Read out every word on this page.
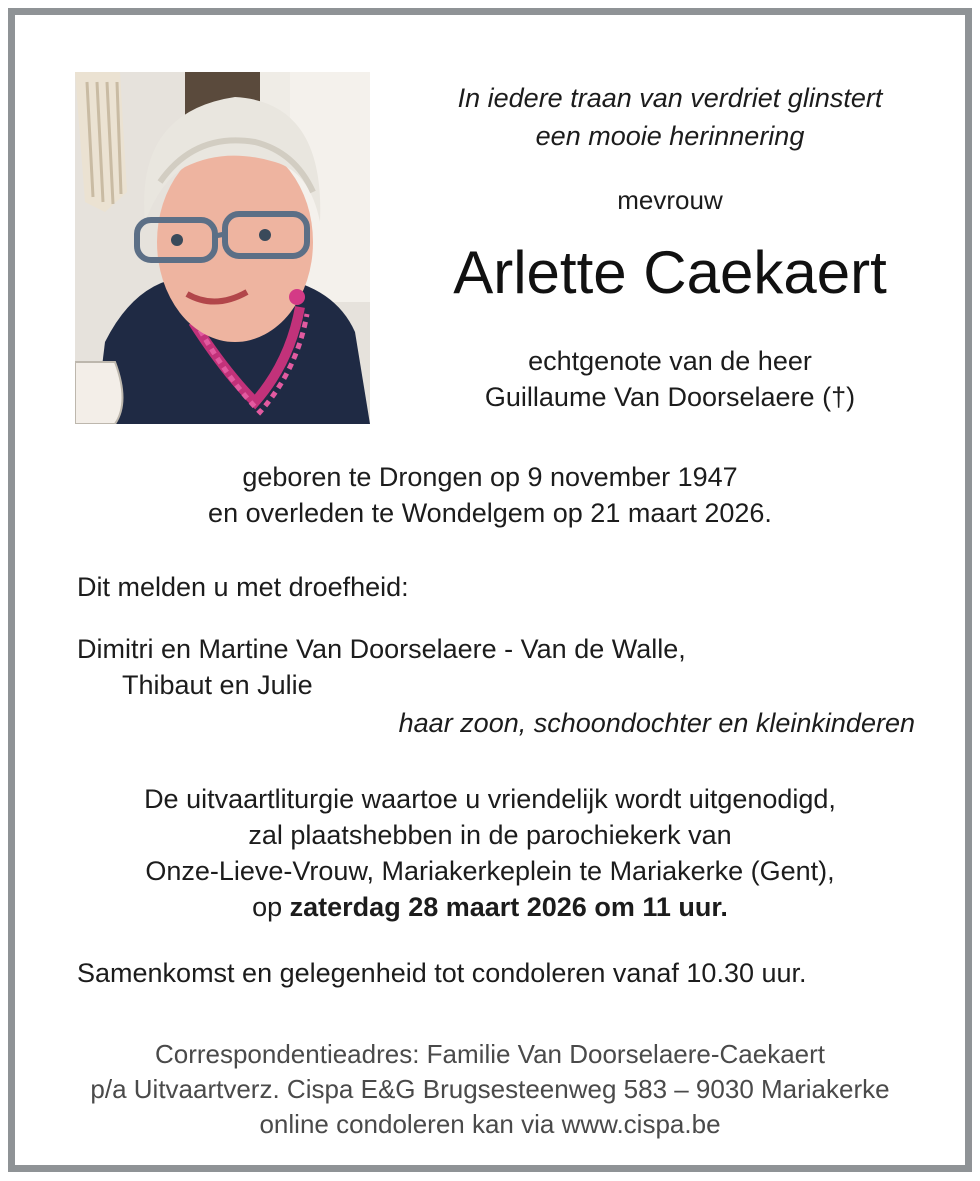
In iedere traan van verdriet glinstert
een mooie herinnering
mevrouw
Arlette Caekaert
echtgenote van de heer
Guillaume Van Doorselaere (†)
geboren te Drongen op 9 november 1947
en overleden te Wondelgem op 21 maart 2026.
Dit melden u met droefheid:
Dimitri en Martine Van Doorselaere - Van de Walle,
Thibaut en Julie
haar zoon, schoondochter en kleinkinderen
De uitvaartliturgie waartoe u vriendelijk wordt uitgenodigd,
zal plaatshebben in de parochiekerk van
Onze-Lieve-Vrouw, Mariakerkeplein te Mariakerke (Gent),
op zaterdag 28 maart 2026 om 11 uur.
Samenkomst en gelegenheid tot condoleren vanaf 10.30 uur.
Correspondentieadres: Familie Van Doorselaere-Caekaert
p/a Uitvaartverz. Cispa E&G Brugsesteenweg 583 – 9030 Mariakerke
online condoleren kan via www.cispa.be
